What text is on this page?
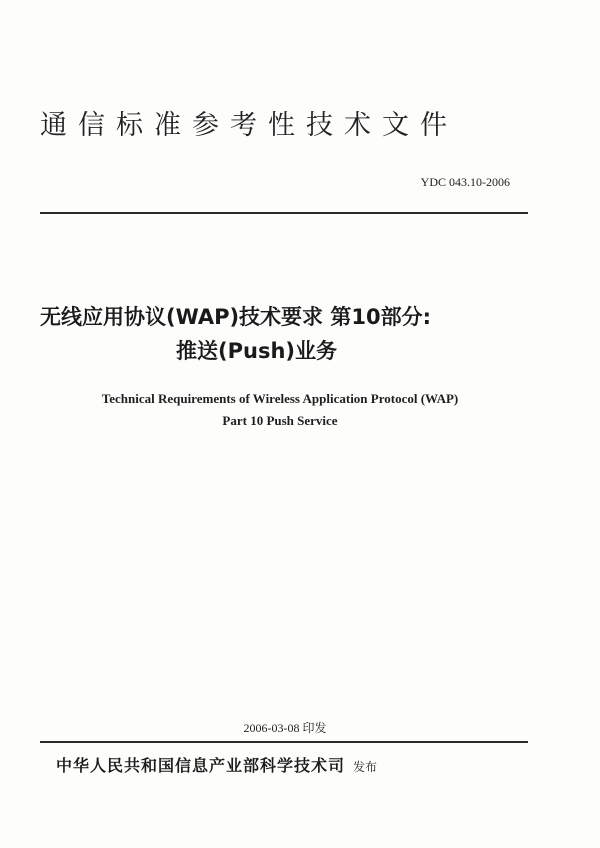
通信标准参考性技术文件
YDC 043.10-2006
无线应用协议(WAP)技术要求 第10部分:
推送(Push)业务
Technical Requirements of Wireless Application Protocol (WAP)
Part 10 Push Service
2006-03-08 印发
中华人民共和国信息产业部科学技术司 发布
